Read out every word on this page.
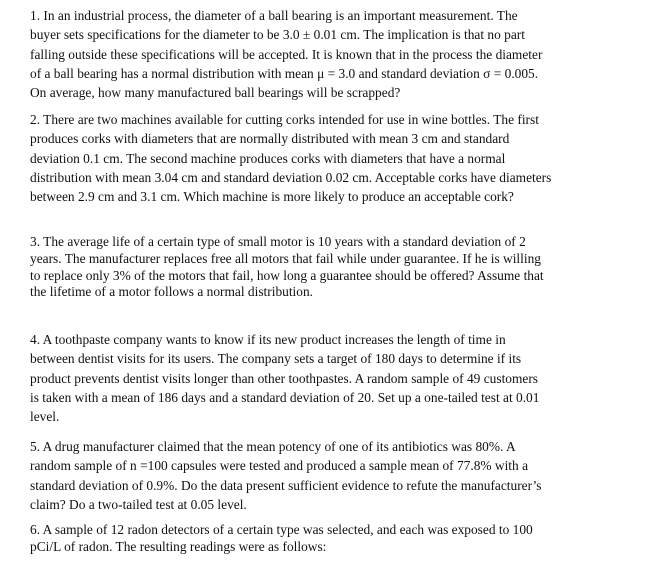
1. In an industrial process, the diameter of a ball bearing is an important measurement. The
buyer sets specifications for the diameter to be 3.0 ± 0.01 cm. The implication is that no part
falling outside these specifications will be accepted. It is known that in the process the diameter
of a ball bearing has a normal distribution with mean μ = 3.0 and standard deviation σ = 0.005.
On average, how many manufactured ball bearings will be scrapped?
2. There are two machines available for cutting corks intended for use in wine bottles. The first
produces corks with diameters that are normally distributed with mean 3 cm and standard
deviation 0.1 cm. The second machine produces corks with diameters that have a normal
distribution with mean 3.04 cm and standard deviation 0.02 cm. Acceptable corks have diameters
between 2.9 cm and 3.1 cm. Which machine is more likely to produce an acceptable cork?
3. The average life of a certain type of small motor is 10 years with a standard deviation of 2
years. The manufacturer replaces free all motors that fail while under guarantee. If he is willing
to replace only 3% of the motors that fail, how long a guarantee should be offered? Assume that
the lifetime of a motor follows a normal distribution.
4. A toothpaste company wants to know if its new product increases the length of time in
between dentist visits for its users. The company sets a target of 180 days to determine if its
product prevents dentist visits longer than other toothpastes. A random sample of 49 customers
is taken with a mean of 186 days and a standard deviation of 20. Set up a one-tailed test at 0.01
level.
5. A drug manufacturer claimed that the mean potency of one of its antibiotics was 80%. A
random sample of n =100 capsules were tested and produced a sample mean of 77.8% with a
standard deviation of 0.9%. Do the data present sufficient evidence to refute the manufacturer’s
claim? Do a two-tailed test at 0.05 level.
6. A sample of 12 radon detectors of a certain type was selected, and each was exposed to 100
pCi/L of radon. The resulting readings were as follows:
